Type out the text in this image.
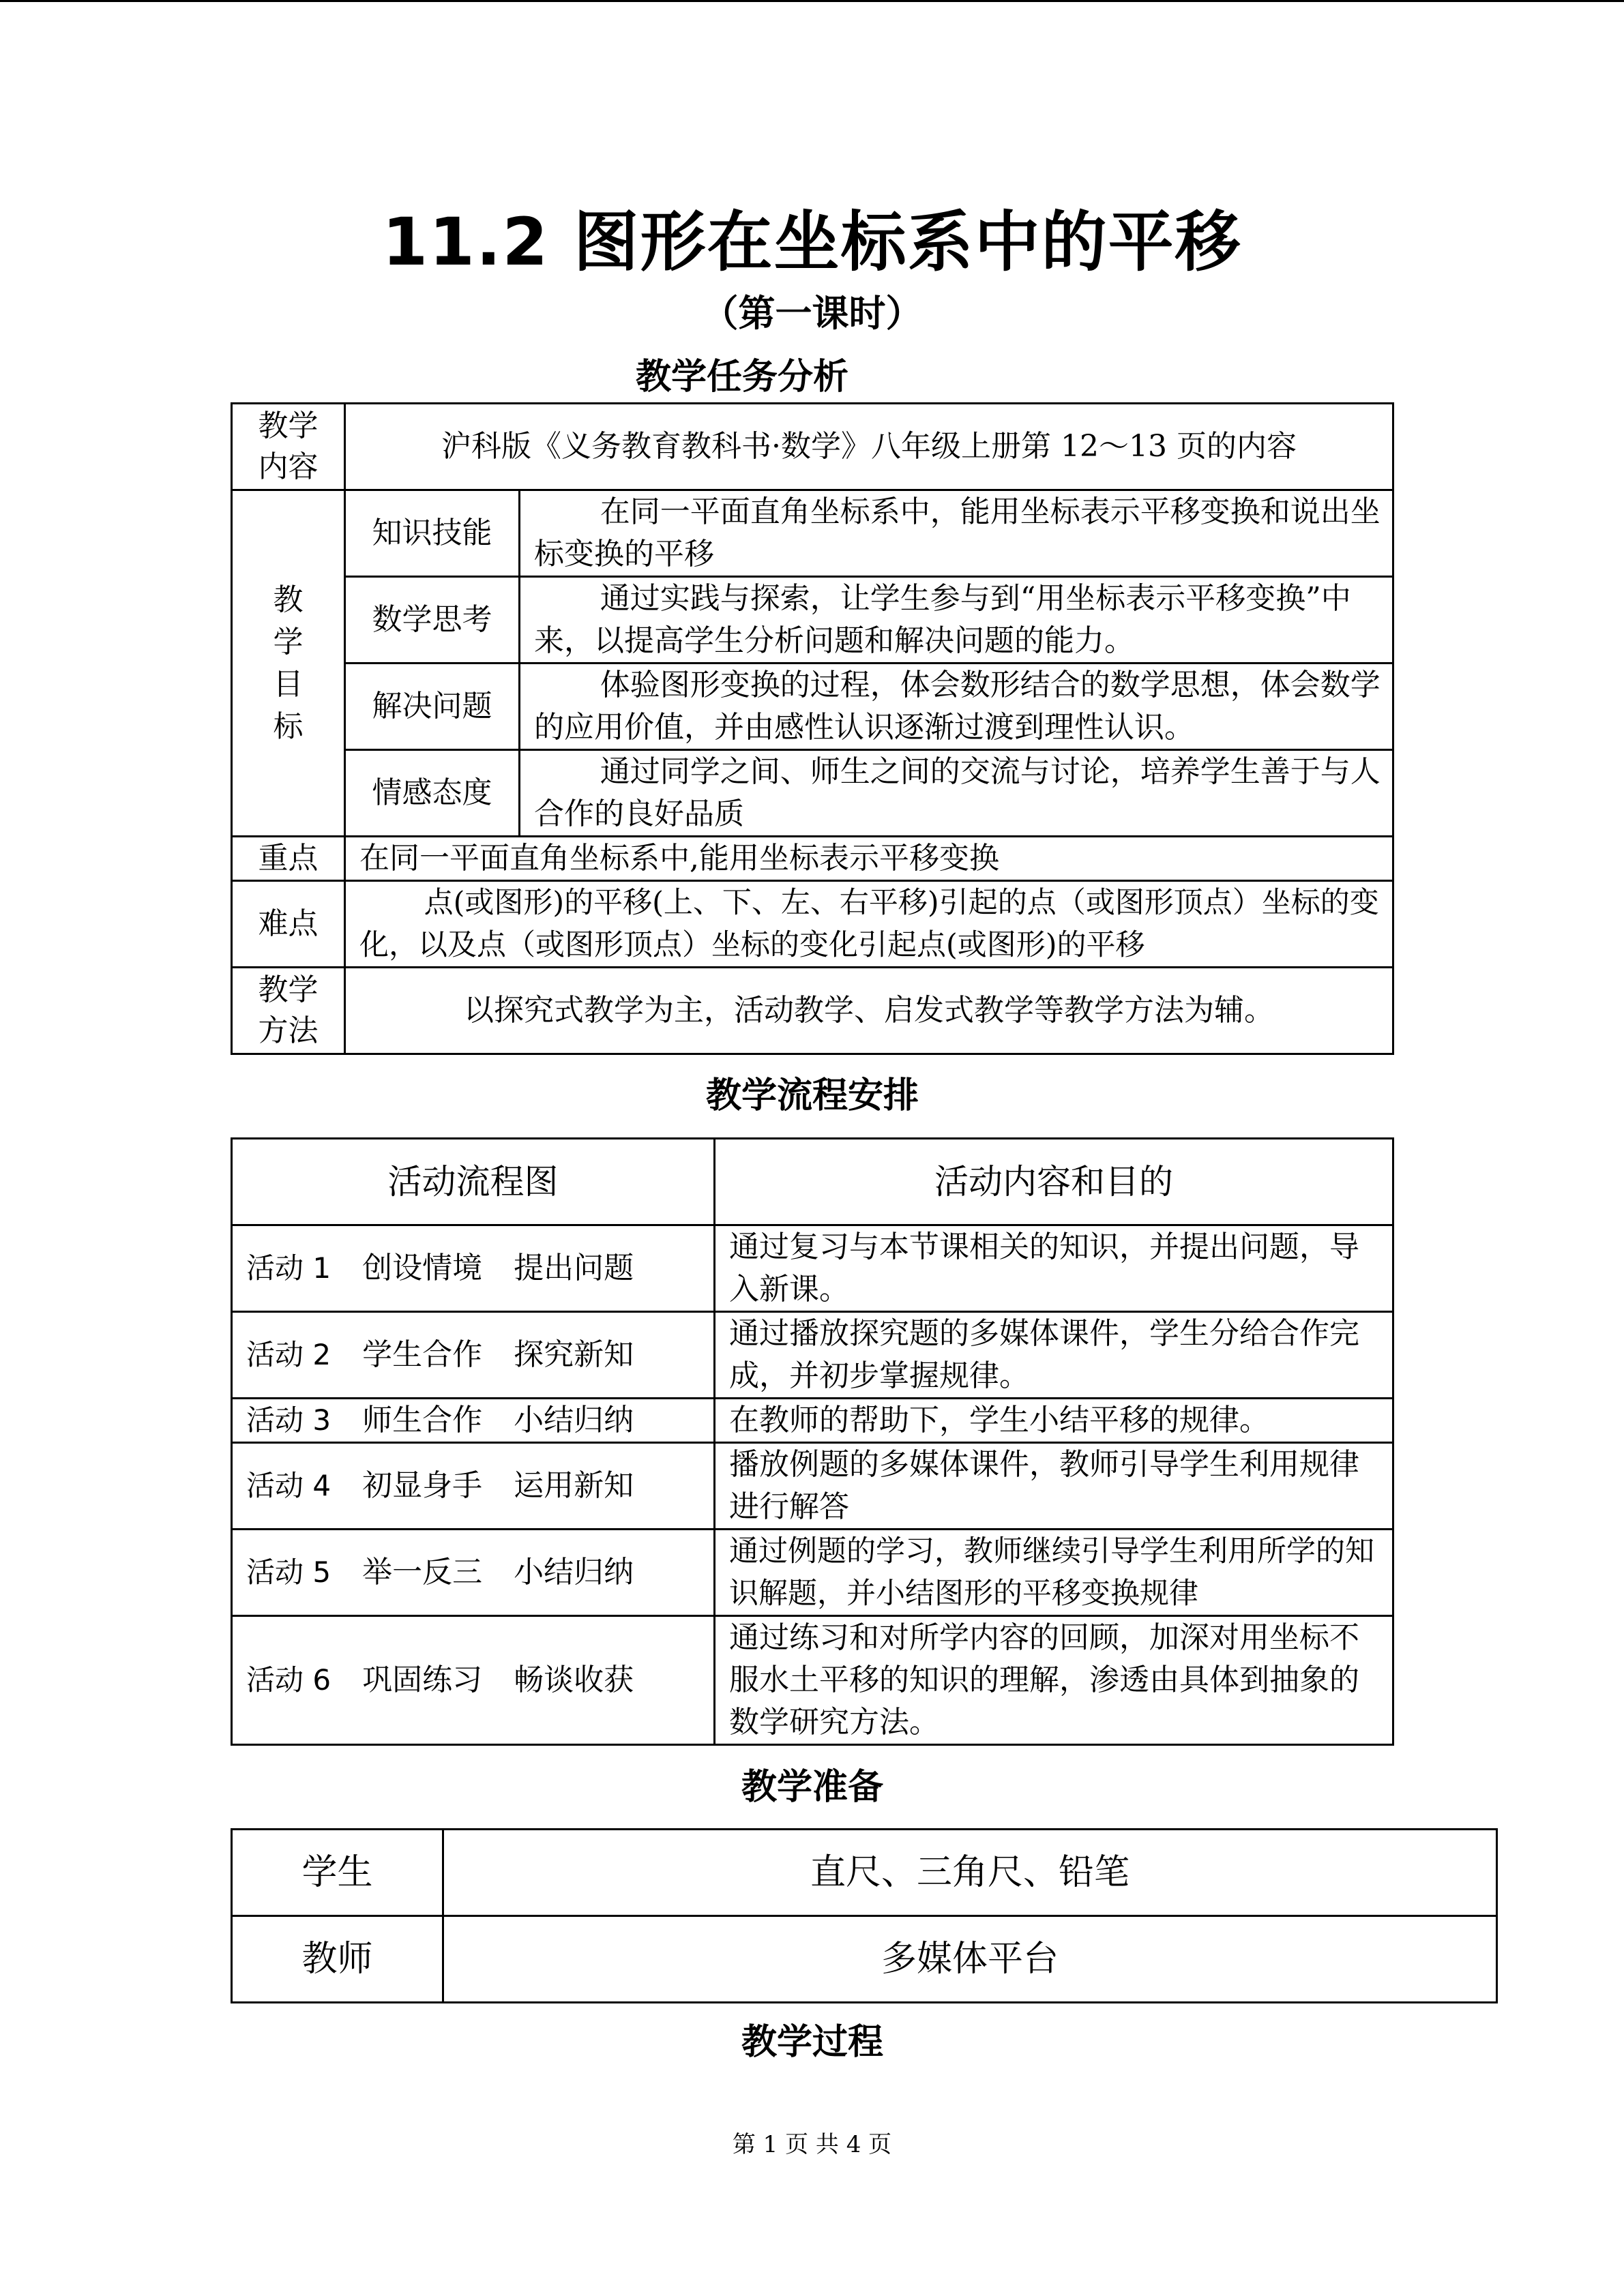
11.2 图形在坐标系中的平移
（第一课时）
教学任务分析
教学内容	沪科版《义务教育教科书·数学》八年级上册第 12～13 页的内容	

教学目标	知识技能	在同一平面直角坐标系中，能用坐标表示平移变换和说出坐标变换的平移
	数学思考	通过实践与探索，让学生参与到“用坐标表示平移变换”中来，以提高学生分析问题和解决问题的能力。
	解决问题	体验图形变换的过程，体会数形结合的数学思想，体会数学的应用价值，并由感性认识逐渐过渡到理性认识。
	情感态度	通过同学之间、师生之间的交流与讨论，培养学生善于与人合作的良好品质
重点	在同一平面直角坐标系中,能用坐标表示平移变换	
难点	点(或图形)的平移(上、下、左、右平移)引起的点（或图形顶点）坐标的变化，以及点（或图形顶点）坐标的变化引起点(或图形)的平移	

教学方法	以探究式教学为主，活动教学、启发式教学等教学方法为辅。	
教学流程安排
活动流程图	活动内容和目的
活动 1 创设情境 提出问题	通过复习与本节课相关的知识，并提出问题，导入新课。
活动 2 学生合作 探究新知	通过播放探究题的多媒体课件，学生分给合作完成，并初步掌握规律。
活动 3 师生合作 小结归纳	在教师的帮助下，学生小结平移的规律。
活动 4 初显身手 运用新知	播放例题的多媒体课件，教师引导学生利用规律进行解答
活动 5 举一反三 小结归纳	通过例题的学习，教师继续引导学生利用所学的知识解题，并小结图形的平移变换规律
活动 6 巩固练习 畅谈收获	通过练习和对所学内容的回顾，加深对用坐标不服水土平移的知识的理解，渗透由具体到抽象的数学研究方法。
教学准备
学生	直尺、三角尺、铅笔
教师	多媒体平台
教学过程
第 1 页 共 4 页
